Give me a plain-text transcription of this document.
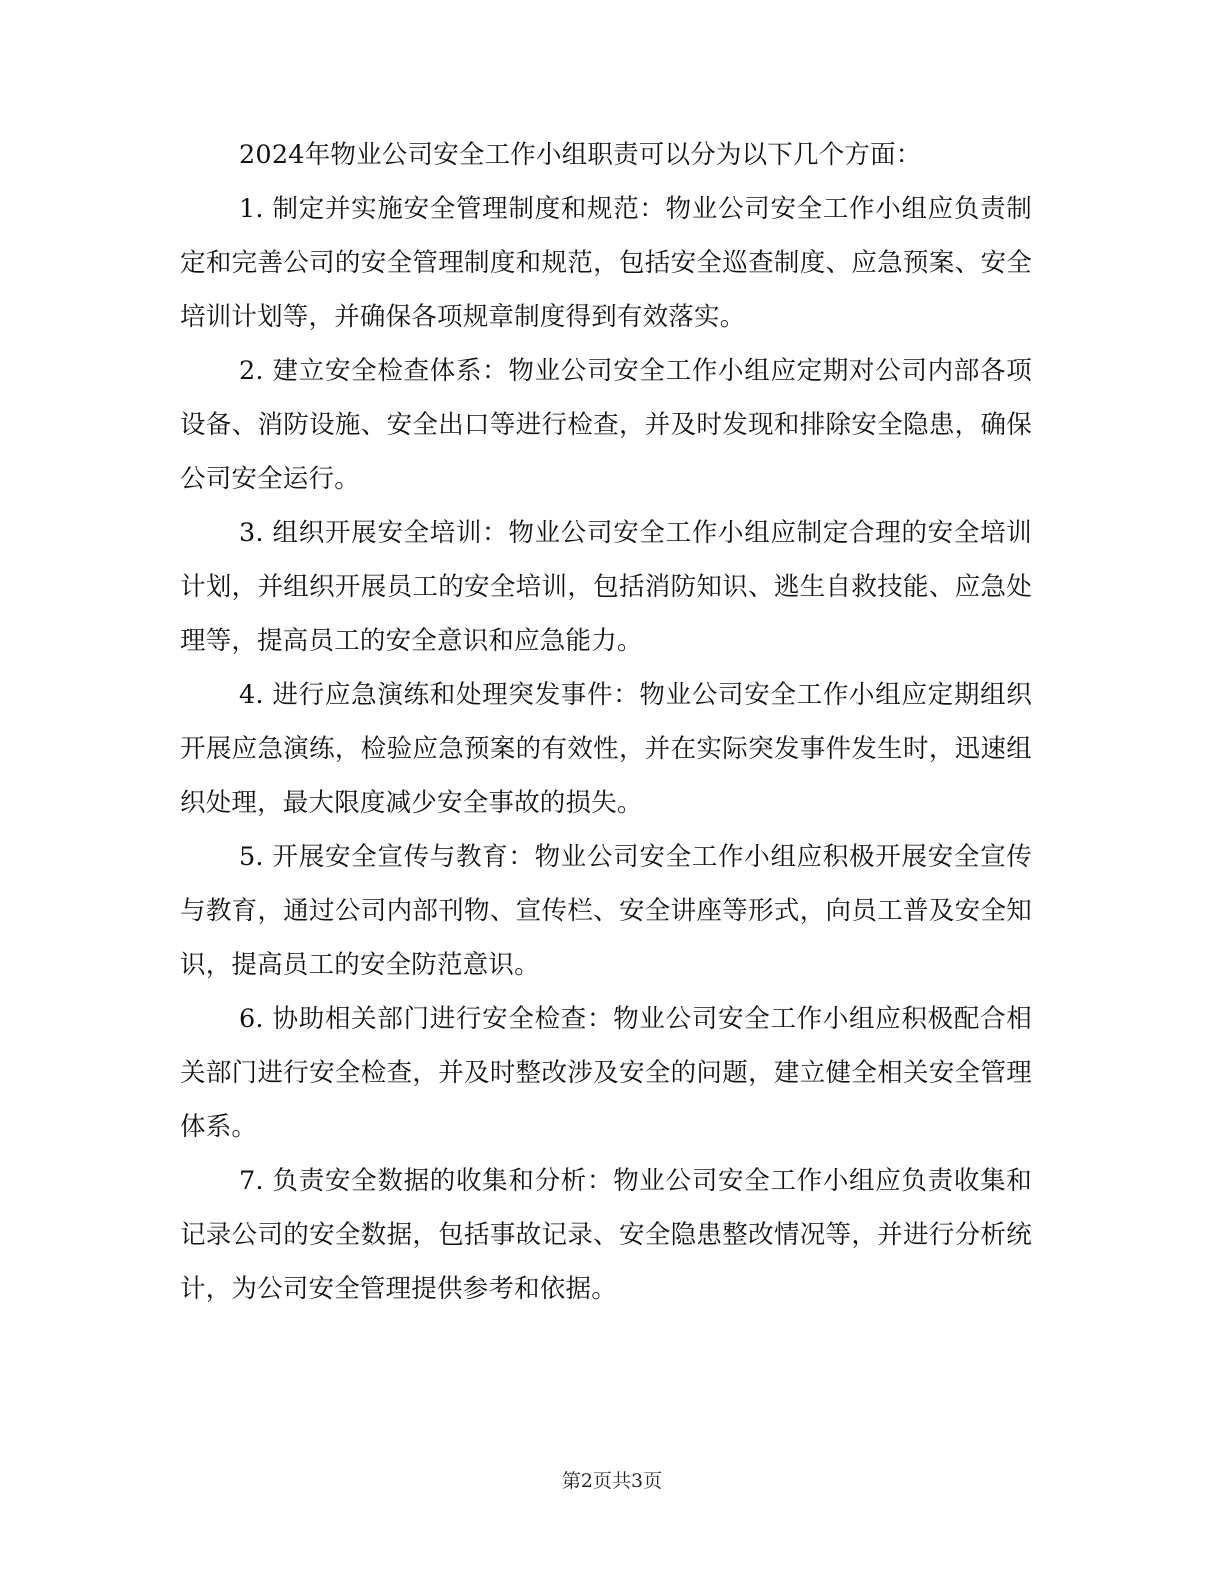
2024年物业公司安全工作小组职责可以分为以下几个方面：

1. 制定并实施安全管理制度和规范：物业公司安全工作小组应负责制定和完善公司的安全管理制度和规范，包括安全巡查制度、应急预案、安全培训计划等，并确保各项规章制度得到有效落实。

2. 建立安全检查体系：物业公司安全工作小组应定期对公司内部各项设备、消防设施、安全出口等进行检查，并及时发现和排除安全隐患，确保公司安全运行。

3. 组织开展安全培训：物业公司安全工作小组应制定合理的安全培训计划，并组织开展员工的安全培训，包括消防知识、逃生自救技能、应急处理等，提高员工的安全意识和应急能力。

4. 进行应急演练和处理突发事件：物业公司安全工作小组应定期组织开展应急演练，检验应急预案的有效性，并在实际突发事件发生时，迅速组织处理，最大限度减少安全事故的损失。

5. 开展安全宣传与教育：物业公司安全工作小组应积极开展安全宣传与教育，通过公司内部刊物、宣传栏、安全讲座等形式，向员工普及安全知识，提高员工的安全防范意识。

6. 协助相关部门进行安全检查：物业公司安全工作小组应积极配合相关部门进行安全检查，并及时整改涉及安全的问题，建立健全相关安全管理体系。

7. 负责安全数据的收集和分析：物业公司安全工作小组应负责收集和记录公司的安全数据，包括事故记录、安全隐患整改情况等，并进行分析统计，为公司安全管理提供参考和依据。

第2页共3页
